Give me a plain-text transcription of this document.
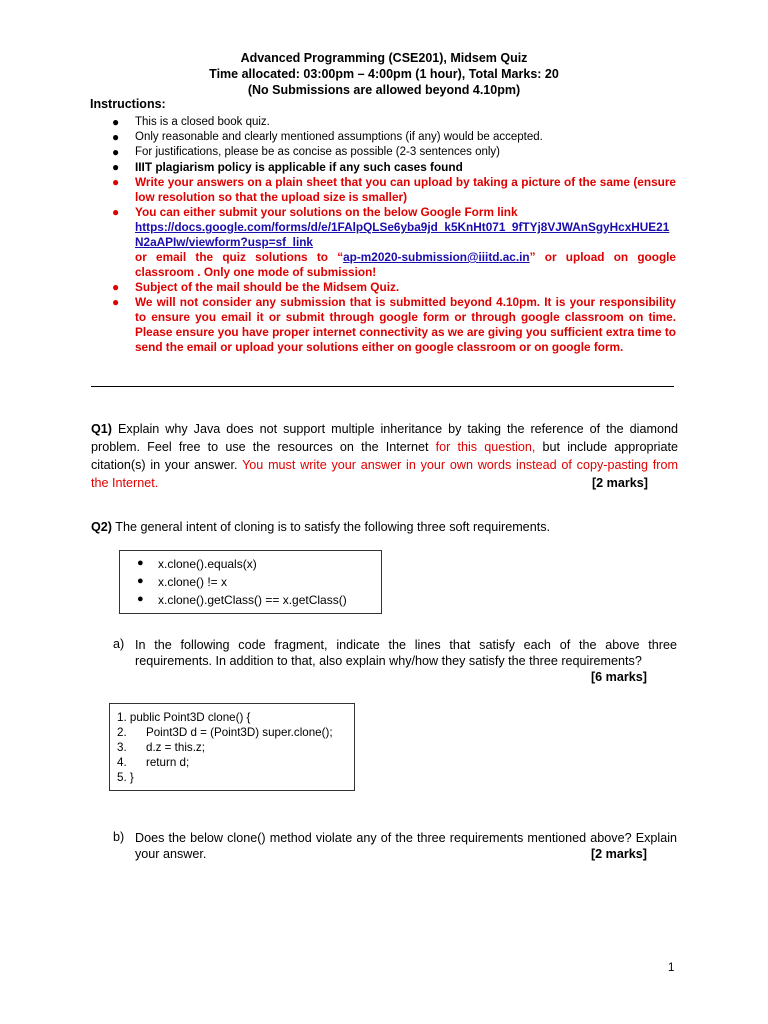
Advanced Programming (CSE201), Midsem Quiz
Time allocated: 03:00pm – 4:00pm (1 hour), Total Marks: 20
(No Submissions are allowed beyond 4.10pm)
Instructions:
● This is a closed book quiz.
● Only reasonable and clearly mentioned assumptions (if any) would be accepted.
● For justifications, please be as concise as possible (2-3 sentences only)
● IIIT plagiarism policy is applicable if any such cases found
● Write your answers on a plain sheet that you can upload by taking a picture of the same (ensure low resolution so that the upload size is smaller)
● You can either submit your solutions on the below Google Form link
https://docs.google.com/forms/d/e/1FAlpQLSe6yba9jd_k5KnHt071_9fTYj8VJWAnSgyHcxHUE21N2aAPIw/viewform?usp=sf_link
or email the quiz solutions to “ap-m2020-submission@iiitd.ac.in” or upload on google classroom . Only one mode of submission!
● Subject of the mail should be the Midsem Quiz.
● We will not consider any submission that is submitted beyond 4.10pm. It is your responsibility to ensure you email it or submit through google form or through google classroom on time. Please ensure you have proper internet connectivity as we are giving you sufficient extra time to send the email or upload your solutions either on google classroom or on google form.
Q1) Explain why Java does not support multiple inheritance by taking the reference of the diamond problem. Feel free to use the resources on the Internet for this question, but include appropriate citation(s) in your answer. You must write your answer in your own words instead of copy-pasting from the Internet.	[2 marks]
Q2) The general intent of cloning is to satisfy the following three soft requirements.
● x.clone().equals(x)
● x.clone() != x
● x.clone().getClass() == x.getClass()
a) In the following code fragment, indicate the lines that satisfy each of the above three requirements. In addition to that, also explain why/how they satisfy the three requirements?
[6 marks]
1. public Point3D clone() {
2.      Point3D d = (Point3D) super.clone();
3.      d.z = this.z;
4.      return d;
5. }
b) Does the below clone() method violate any of the three requirements mentioned above? Explain your answer.	[2 marks]
1
